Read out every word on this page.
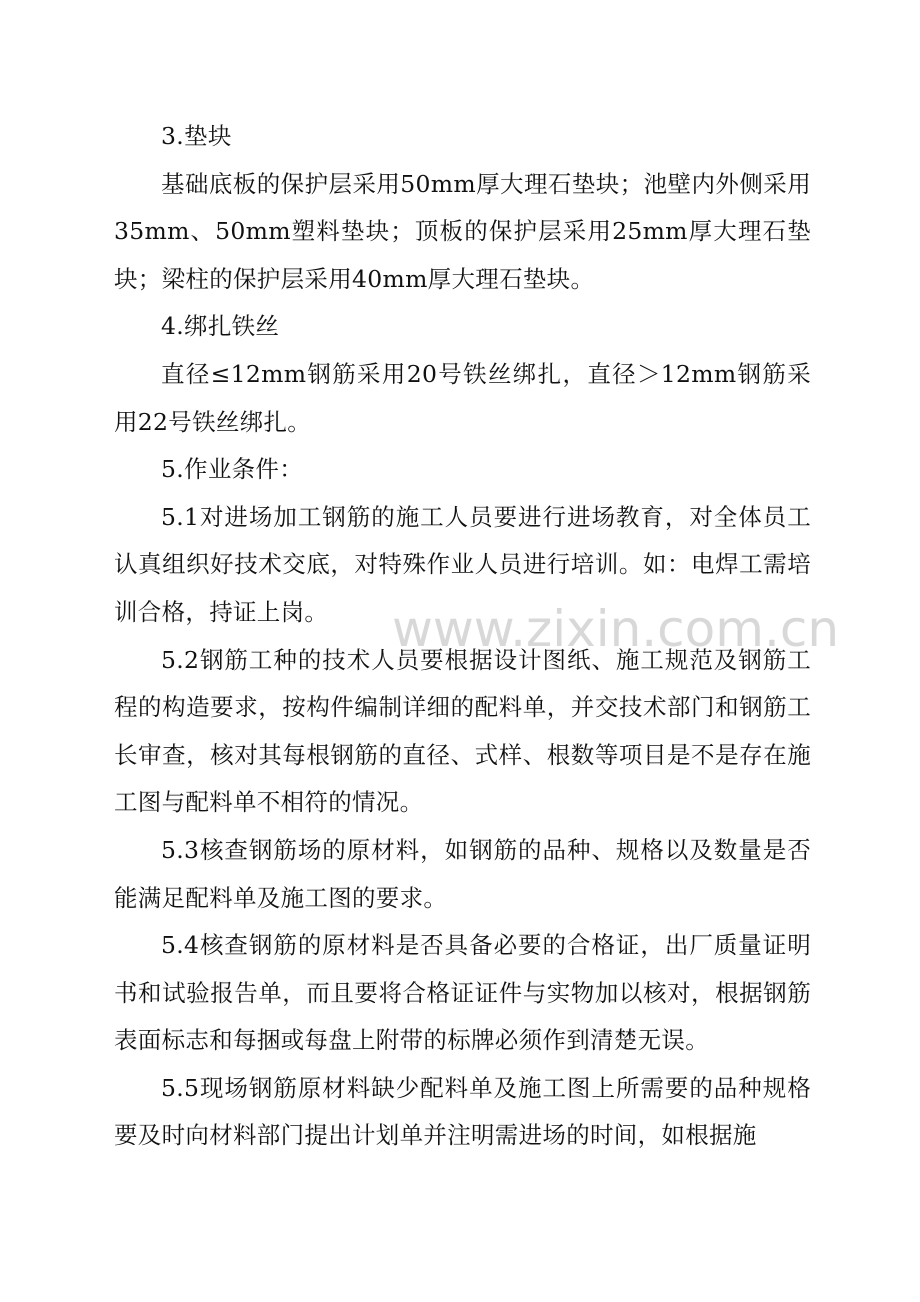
3.垫块

基础底板的保护层采用50mm厚大理石垫块；池壁内外侧采用35mm、50mm塑料垫块；顶板的保护层采用25mm厚大理石垫块；梁柱的保护层采用40mm厚大理石垫块。

4.绑扎铁丝

直径≤12mm钢筋采用20号铁丝绑扎，直径＞12mm钢筋采用22号铁丝绑扎。

5.作业条件：

5.1对进场加工钢筋的施工人员要进行进场教育，对全体员工认真组织好技术交底，对特殊作业人员进行培训。如：电焊工需培训合格，持证上岗。

5.2钢筋工种的技术人员要根据设计图纸、施工规范及钢筋工程的构造要求，按构件编制详细的配料单，并交技术部门和钢筋工长审查，核对其每根钢筋的直径、式样、根数等项目是不是存在施工图与配料单不相符的情况。

5.3核查钢筋场的原材料，如钢筋的品种、规格以及数量是否能满足配料单及施工图的要求。

5.4核查钢筋的原材料是否具备必要的合格证，出厂质量证明书和试验报告单，而且要将合格证证件与实物加以核对，根据钢筋表面标志和每捆或每盘上附带的标牌必须作到清楚无误。

5.5现场钢筋原材料缺少配料单及施工图上所需要的品种规格要及时向材料部门提出计划单并注明需进场的时间，如根据施

www.zixin.com.cn
